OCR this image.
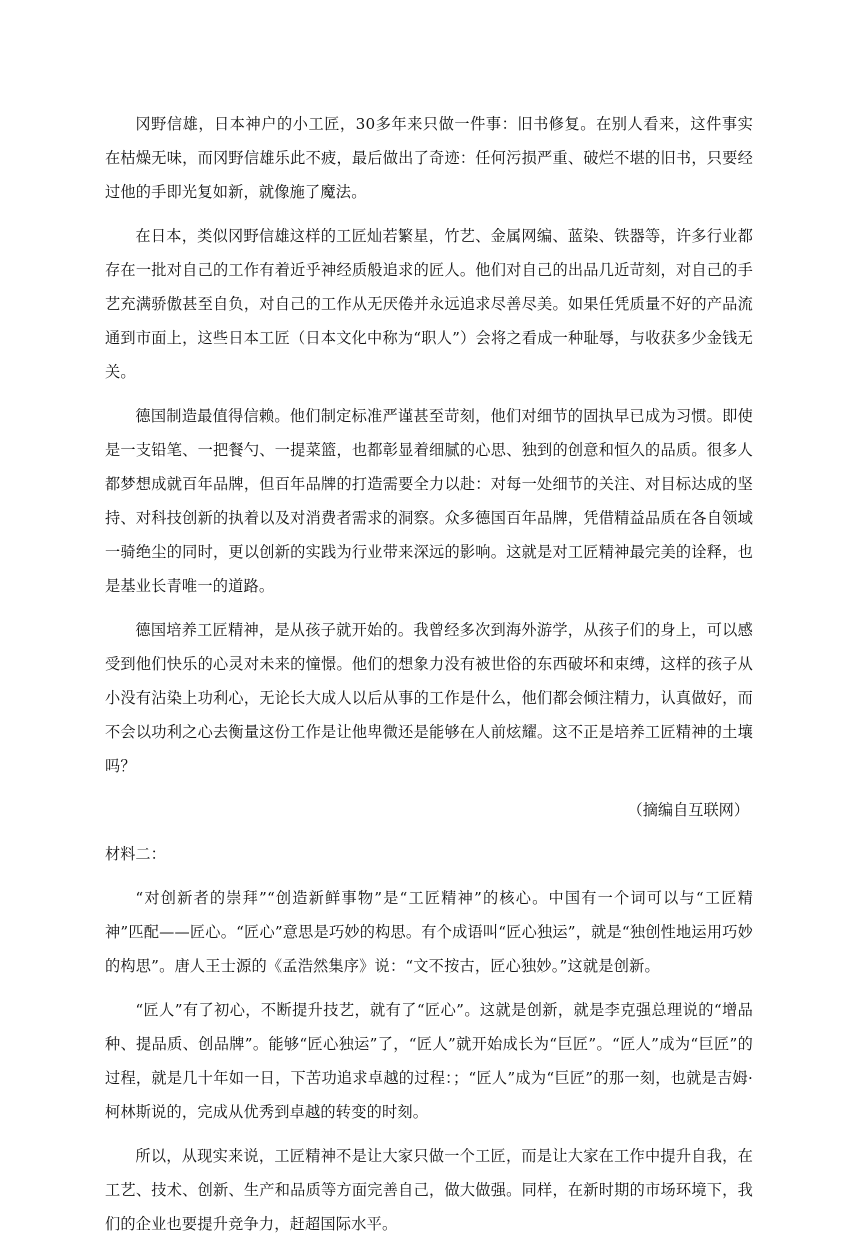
冈野信雄，日本神户的小工匠，30多年来只做一件事：旧书修复。在别人看来，这件事实在枯燥无味，而冈野信雄乐此不疲，最后做出了奇迹：任何污损严重、破烂不堪的旧书，只要经过他的手即光复如新，就像施了魔法。

在日本，类似冈野信雄这样的工匠灿若繁星，竹艺、金属网编、蓝染、铁器等，许多行业都存在一批对自己的工作有着近乎神经质般追求的匠人。他们对自己的出品几近苛刻，对自己的手艺充满骄傲甚至自负，对自己的工作从无厌倦并永远追求尽善尽美。如果任凭质量不好的产品流通到市面上，这些日本工匠（日本文化中称为“职人”）会将之看成一种耻辱，与收获多少金钱无关。

德国制造最值得信赖。他们制定标准严谨甚至苛刻，他们对细节的固执早已成为习惯。即使是一支铅笔、一把餐勺、一提菜篮，也都彰显着细腻的心思、独到的创意和恒久的品质。很多人都梦想成就百年品牌，但百年品牌的打造需要全力以赴：对每一处细节的关注、对目标达成的坚持、对科技创新的执着以及对消费者需求的洞察。众多德国百年品牌，凭借精益品质在各自领域一骑绝尘的同时，更以创新的实践为行业带来深远的影响。这就是对工匠精神最完美的诠释，也是基业长青唯一的道路。

德国培养工匠精神，是从孩子就开始的。我曾经多次到海外游学，从孩子们的身上，可以感受到他们快乐的心灵对未来的憧憬。他们的想象力没有被世俗的东西破坏和束缚，这样的孩子从小没有沾染上功利心，无论长大成人以后从事的工作是什么，他们都会倾注精力，认真做好，而不会以功利之心去衡量这份工作是让他卑微还是能够在人前炫耀。这不正是培养工匠精神的土壤吗？

（摘编自互联网）

材料二：

“对创新者的崇拜”“创造新鲜事物”是“工匠精神”的核心。中国有一个词可以与“工匠精神”匹配——匠心。“匠心”意思是巧妙的构思。有个成语叫“匠心独运”，就是“独创性地运用巧妙的构思”。唐人王士源的《孟浩然集序》说：“文不按古，匠心独妙。”这就是创新。

“匠人”有了初心，不断提升技艺，就有了“匠心”。这就是创新，就是李克强总理说的“增品种、提品质、创品牌”。能够“匠心独运”了，“匠人”就开始成长为“巨匠”。“匠人”成为“巨匠”的过程，就是几十年如一日，下苦功追求卓越的过程：；“匠人”成为“巨匠”的那一刻，也就是吉姆·柯林斯说的，完成从优秀到卓越的转变的时刻。

所以，从现实来说，工匠精神不是让大家只做一个工匠，而是让大家在工作中提升自我，在工艺、技术、创新、生产和品质等方面完善自己，做大做强。同样，在新时期的市场环境下，我们的企业也要提升竞争力，赶超国际水平。
